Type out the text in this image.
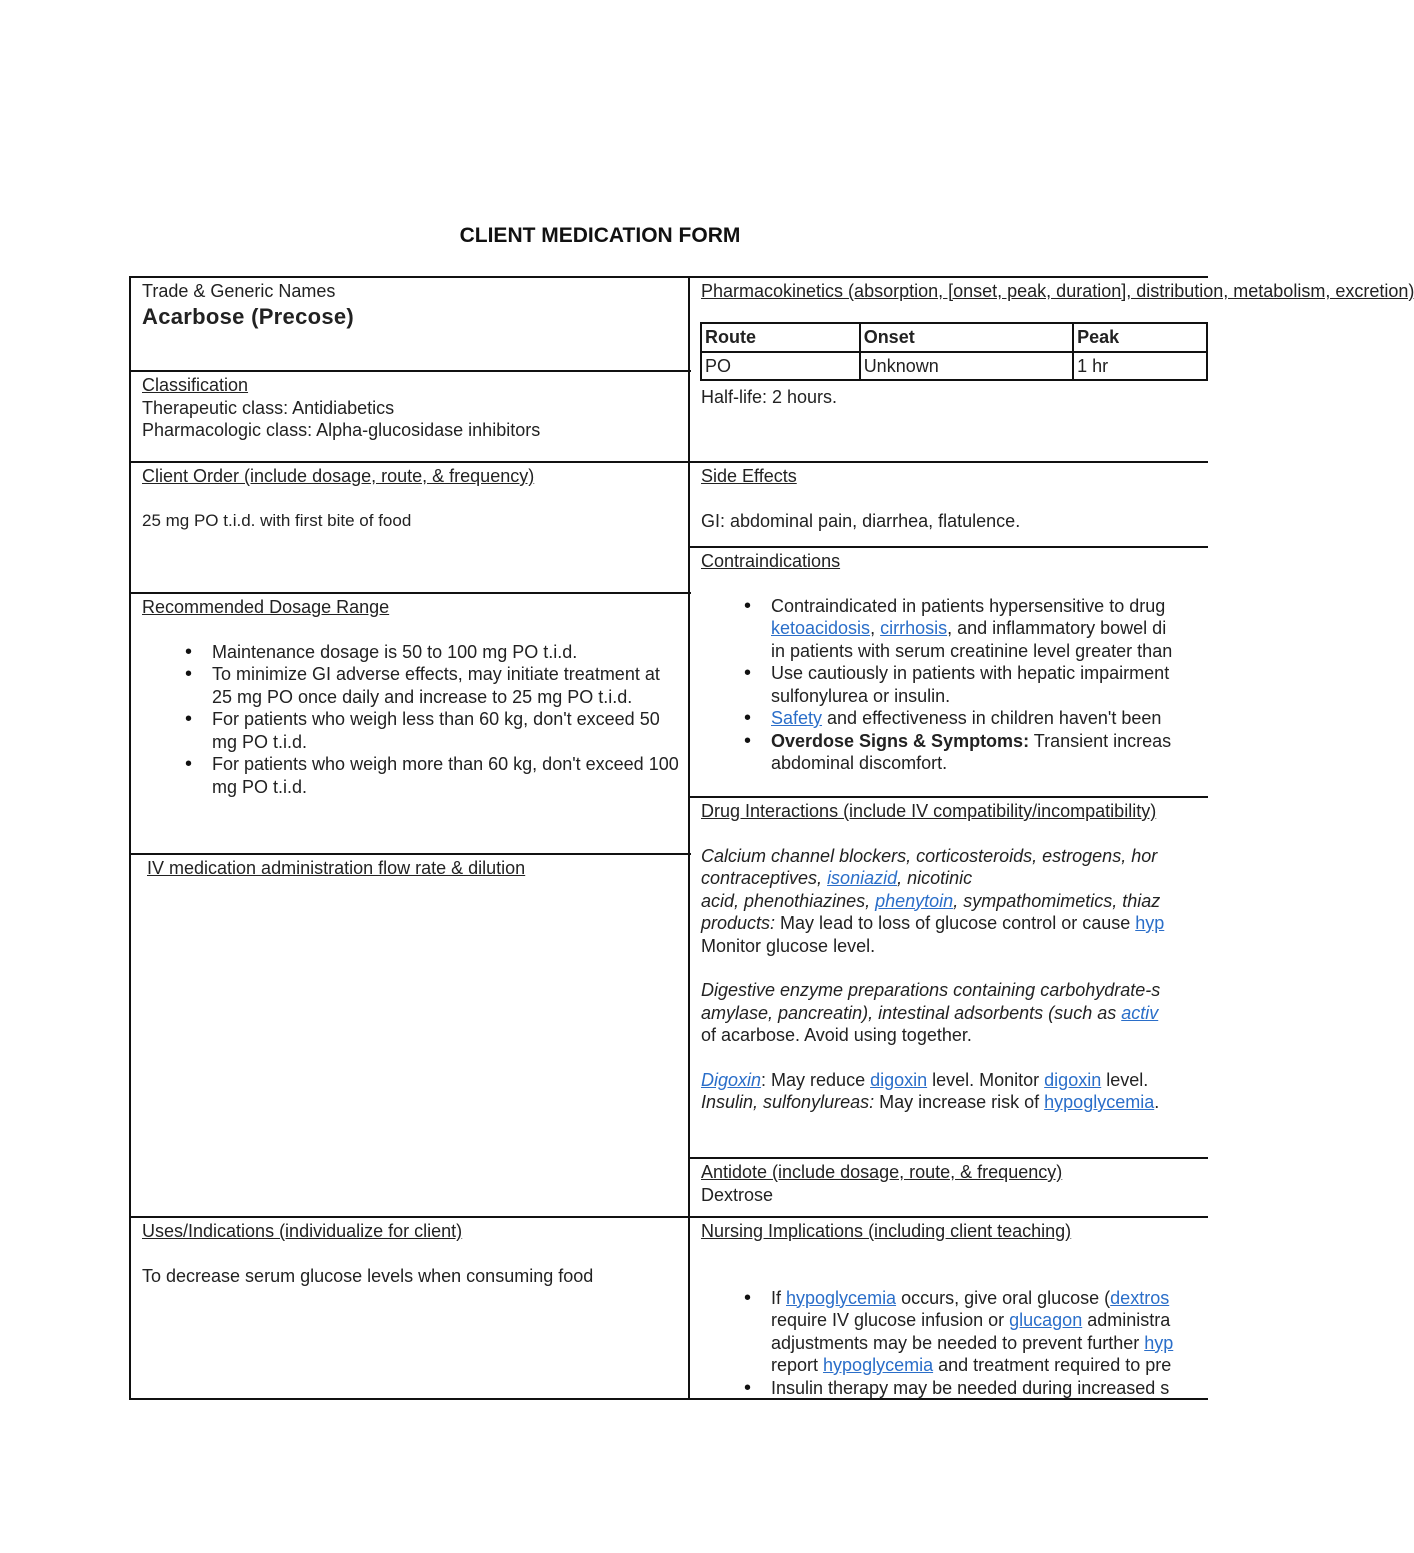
CLIENT MEDICATION FORM
Trade & Generic Names
Acarbose (Precose)
Classification
Therapeutic class: Antidiabetics
Pharmacologic class: Alpha-glucosidase inhibitors
Client Order (include dosage, route, & frequency)
25 mg PO t.i.d. with first bite of food
Recommended Dosage Range
• Maintenance dosage is 50 to 100 mg PO t.i.d.
• To minimize GI adverse effects, may initiate treatment at 25 mg PO once daily and increase to 25 mg PO t.i.d.
• For patients who weigh less than 60 kg, don't exceed 50 mg PO t.i.d.
• For patients who weigh more than 60 kg, don't exceed 100 mg PO t.i.d.
IV medication administration flow rate & dilution
Uses/Indications (individualize for client)
To decrease serum glucose levels when consuming food
Pharmacokinetics (absorption, [onset, peak, duration], distribution, metabolism, excretion)
Route	Onset	Peak
PO	Unknown	1 hr
Half-life: 2 hours.
Side Effects
GI: abdominal pain, diarrhea, flatulence.
Contraindications
• Contraindicated in patients hypersensitive to drug
ketoacidosis, cirrhosis, and inflammatory bowel di
in patients with serum creatinine level greater than
• Use cautiously in patients with hepatic impairment
sulfonylurea or insulin.
• Safety and effectiveness in children haven't been
• Overdose Signs & Symptoms: Transient increas
abdominal discomfort.
Drug Interactions (include IV compatibility/incompatibility)
Calcium channel blockers, corticosteroids, estrogens, hor
contraceptives, isoniazid, nicotinic
acid, phenothiazines, phenytoin, sympathomimetics, thiaz
products: May lead to loss of glucose control or cause hyp
Monitor glucose level.
Digestive enzyme preparations containing carbohydrate-s
amylase, pancreatin), intestinal adsorbents (such as activ
of acarbose. Avoid using together.
Digoxin: May reduce digoxin level. Monitor digoxin level.
Insulin, sulfonylureas: May increase risk of hypoglycemia.
Antidote (include dosage, route, & frequency)
Dextrose
Nursing Implications (including client teaching)
• If hypoglycemia occurs, give oral glucose (dextros
require IV glucose infusion or glucagon administra
adjustments may be needed to prevent further hyp
report hypoglycemia and treatment required to pre
• Insulin therapy may be needed during increased s
